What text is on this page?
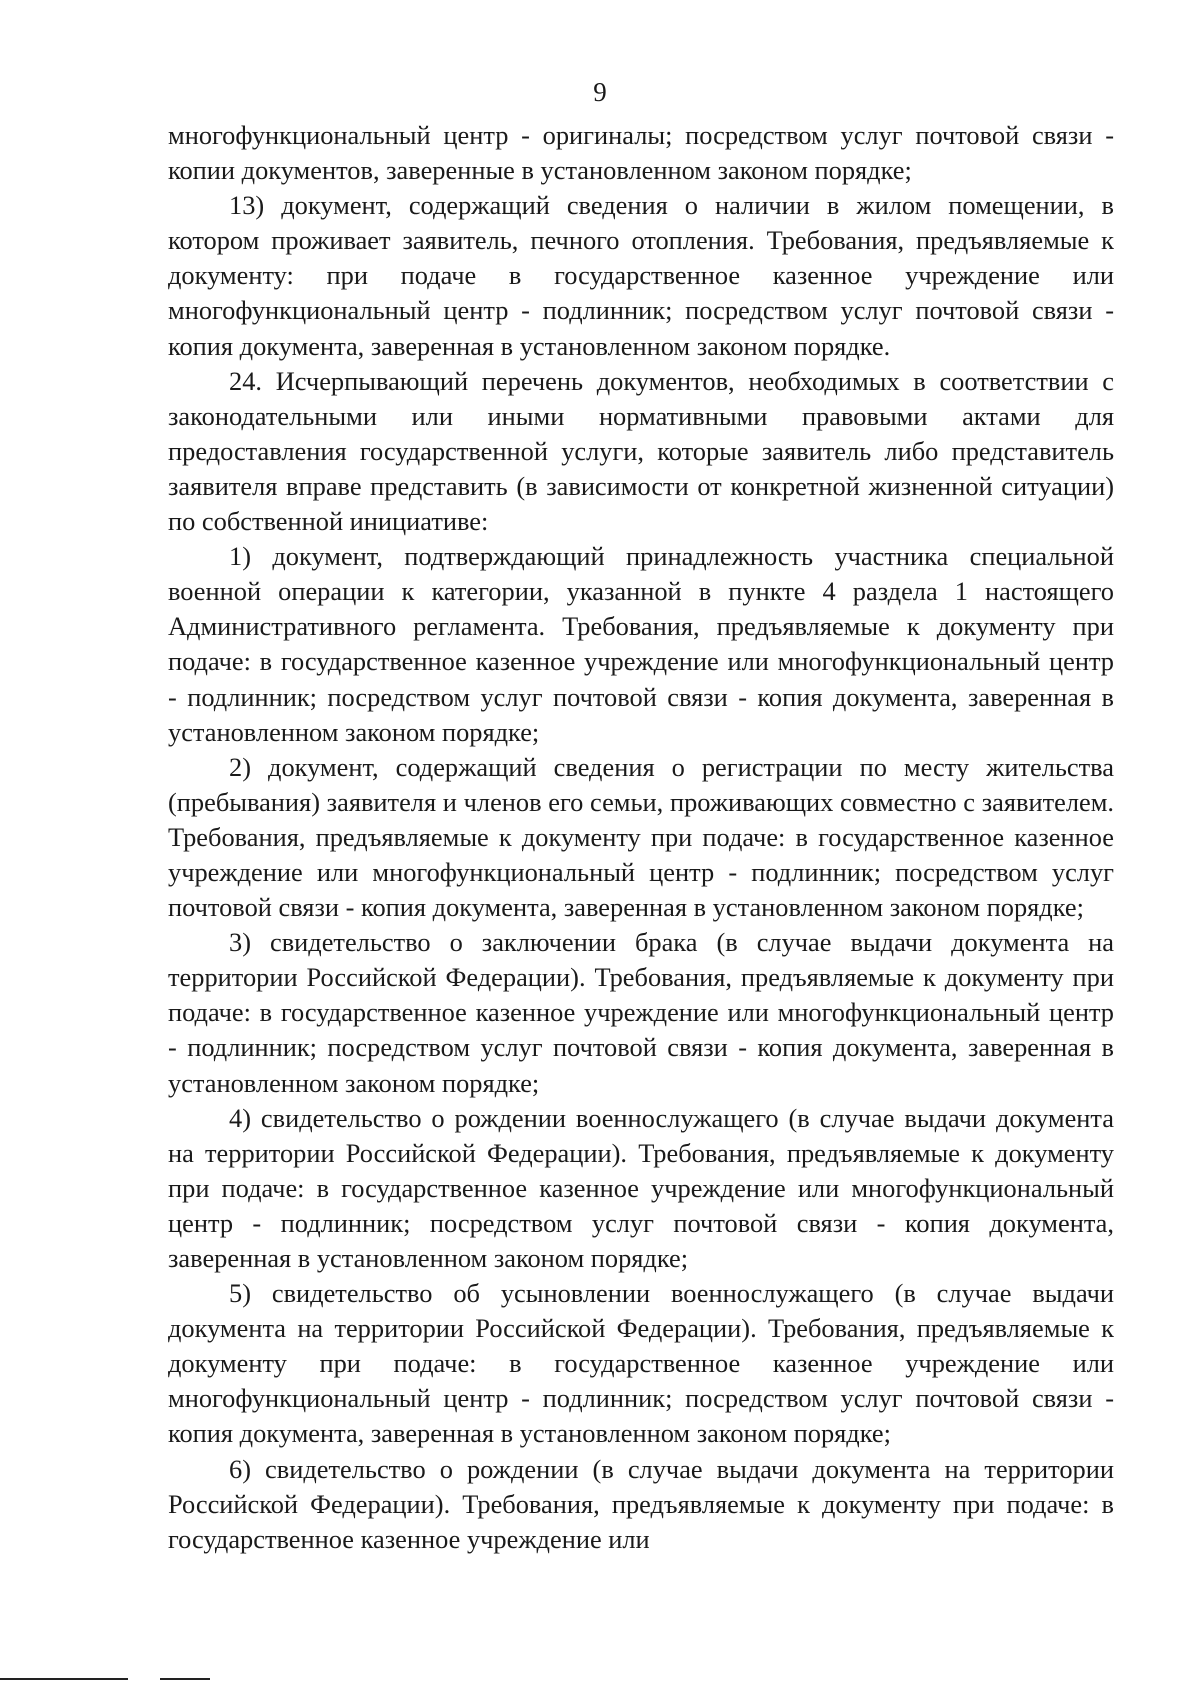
9

многофункциональный центр - оригиналы; посредством услуг почтовой связи - копии документов, заверенные в установленном законом порядке;

13) документ, содержащий сведения о наличии в жилом помещении, в котором проживает заявитель, печного отопления. Требования, предъявляемые к документу: при подаче в государственное казенное учреждение или многофункциональный центр - подлинник; посредством услуг почтовой связи - копия документа, заверенная в установленном законом порядке.

24. Исчерпывающий перечень документов, необходимых в соответствии с законодательными или иными нормативными правовыми актами для предоставления государственной услуги, которые заявитель либо представитель заявителя вправе представить (в зависимости от конкретной жизненной ситуации) по собственной инициативе:

1) документ, подтверждающий принадлежность участника специальной военной операции к категории, указанной в пункте 4 раздела 1 настоящего Административного регламента. Требования, предъявляемые к документу при подаче: в государственное казенное учреждение или многофункциональный центр - подлинник; посредством услуг почтовой связи - копия документа, заверенная в установленном законом порядке;

2) документ, содержащий сведения о регистрации по месту жительства (пребывания) заявителя и членов его семьи, проживающих совместно с заявителем. Требования, предъявляемые к документу при подаче: в государственное казенное учреждение или многофункциональный центр - подлинник; посредством услуг почтовой связи - копия документа, заверенная в установленном законом порядке;

3) свидетельство о заключении брака (в случае выдачи документа на территории Российской Федерации). Требования, предъявляемые к документу при подаче: в государственное казенное учреждение или многофункциональный центр - подлинник; посредством услуг почтовой связи - копия документа, заверенная в установленном законом порядке;

4) свидетельство о рождении военнослужащего (в случае выдачи документа на территории Российской Федерации). Требования, предъявляемые к документу при подаче: в государственное казенное учреждение или многофункциональный центр - подлинник; посредством услуг почтовой связи - копия документа, заверенная в установленном законом порядке;

5) свидетельство об усыновлении военнослужащего (в случае выдачи документа на территории Российской Федерации). Требования, предъявляемые к документу при подаче: в государственное казенное учреждение или многофункциональный центр - подлинник; посредством услуг почтовой связи - копия документа, заверенная в установленном законом порядке;

6) свидетельство о рождении (в случае выдачи документа на территории Российской Федерации). Требования, предъявляемые к документу при подаче: в государственное казенное учреждение или
